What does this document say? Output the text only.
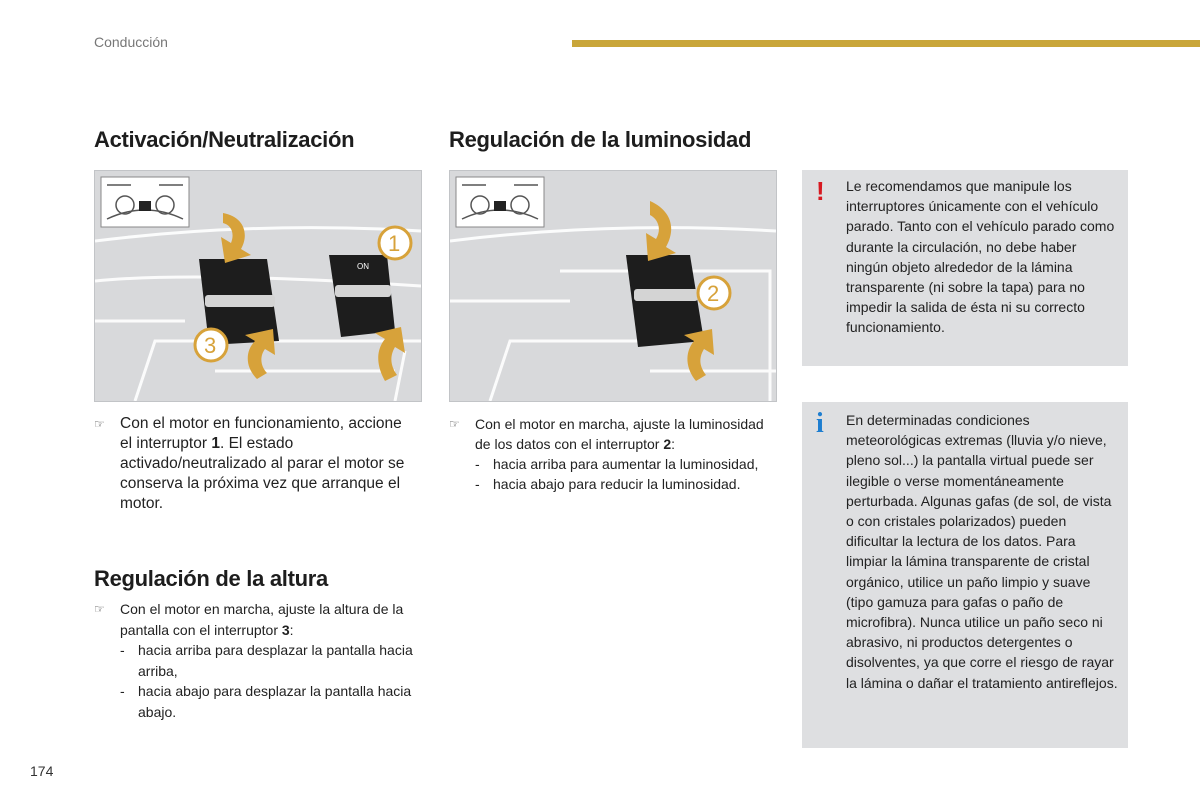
Conducción
Activación/Neutralización	Regulación de la luminosidad
ON
1
3
2
☞ Con el motor en funcionamiento, accione el interruptor 1. El estado activado/neutralizado al parar el motor se conserva la próxima vez que arranque el motor.
☞	Con el motor en marcha, ajuste la luminosidad de los datos con el interruptor 2:
- hacia arriba para aumentar la luminosidad,
- hacia abajo para reducir la luminosidad.
Regulación de la altura
☞	Con el motor en marcha, ajuste la altura de la pantalla con el interruptor 3:
- hacia arriba para desplazar la pantalla hacia arriba,
- hacia abajo para desplazar la pantalla hacia abajo.
! Le recomendamos que manipule los interruptores únicamente con el vehículo parado. Tanto con el vehículo parado como durante la circulación, no debe haber ningún objeto alrededor de la lámina transparente (ni sobre la tapa) para no impedir la salida de ésta ni su correcto funcionamiento.
i En determinadas condiciones meteorológicas extremas (lluvia y/o nieve, pleno sol...) la pantalla virtual puede ser ilegible o verse momentáneamente perturbada. Algunas gafas (de sol, de vista o con cristales polarizados) pueden dificultar la lectura de los datos. Para limpiar la lámina transparente de cristal orgánico, utilice un paño limpio y suave (tipo gamuza para gafas o paño de microfibra). Nunca utilice un paño seco ni abrasivo, ni productos detergentes o disolventes, ya que corre el riesgo de rayar la lámina o dañar el tratamiento antireflejos.
174
